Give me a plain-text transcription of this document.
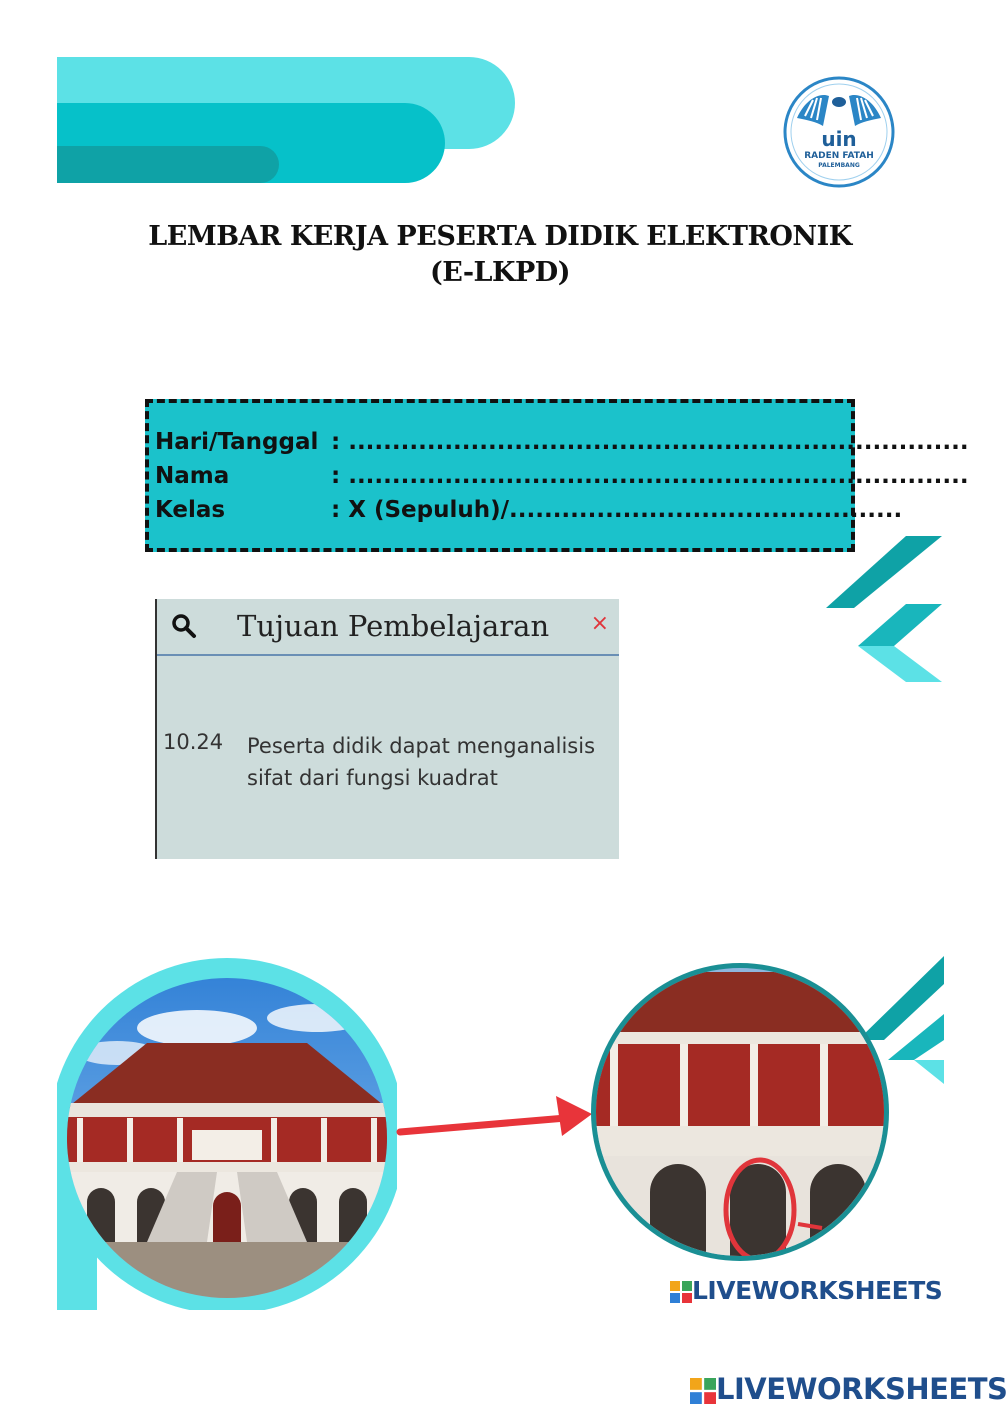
uin
RADEN FATAH
PALEMBANG
LEMBAR KERJA PESERTA DIDIK ELEKTRONIK
(E-LKPD)
Hari/Tanggal : .......................................................................
Nama	: .......................................................................
Kelas	: X (Sepuluh)/.............................................
Tujuan Pembelajaran ×
10.24 Peserta didik dapat menganalisis sifat dari fungsi kuadrat
LIVEWORKSHEETS
LIVEWORKSHEETS
